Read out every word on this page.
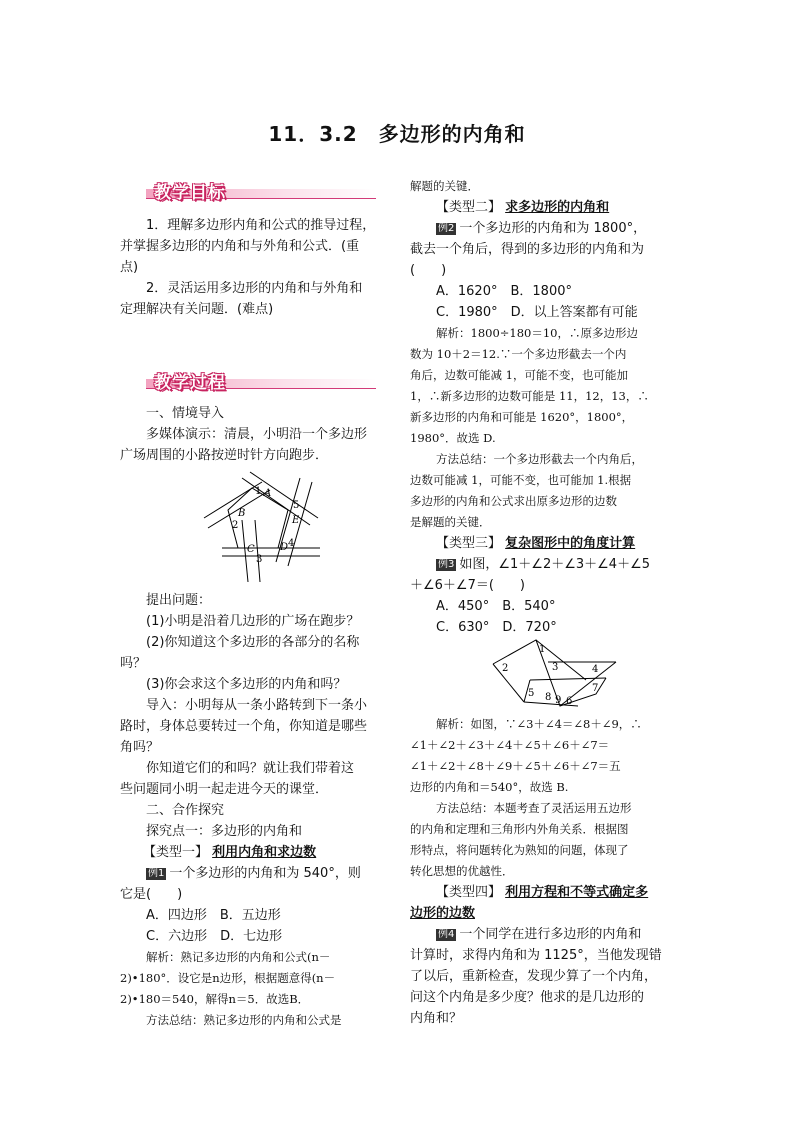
11．3.2　多边形的内角和
教学目标
1．理解多边形内角和公式的推导过程，
并掌握多边形的内角和与外角和公式．(重
点)
2．灵活运用多边形的内角和与外角和
定理解决有关问题．(难点)
教学过程
一、情境导入
多媒体演示：清晨，小明沿一个多边形
广场周围的小路按逆时针方向跑步．
1 A
5
B
E
2
C	D 4
3
提出问题：
(1)小明是沿着几边形的广场在跑步？
(2)你知道这个多边形的各部分的名称
吗？
(3)你会求这个多边形的内角和吗？
导入：小明每从一条小路转到下一条小
路时，身体总要转过一个角，你知道是哪些
角吗？
你知道它们的和吗？就让我们带着这
些问题同小明一起走进今天的课堂．
二、合作探究
探究点一：多边形的内角和
【类型一】 利用内角和求边数
例1 一个多边形的内角和为 540°，则
它是(　　)
A．四边形　B．五边形
C．六边形　D．七边形
解析：熟记多边形的内角和公式(n－
2)•180°．设它是n边形，根据题意得(n－
2)•180＝540，解得n＝5．故选B．
方法总结：熟记多边形的内角和公式是
解题的关键．
【类型二】 求多边形的内角和
例2 一个多边形的内角和为 1800°，
截去一个角后，得到的多边形的内角和为
(　　)
A．1620°　B．1800°
C．1980°　D．以上答案都有可能
解析：1800÷180＝10，∴原多边形边
数为 10＋2＝12.∵一个多边形截去一个内
角后，边数可能减 1，可能不变，也可能加
1，∴新多边形的边数可能是 11，12，13，∴
新多边形的内角和可能是 1620°，1800°，
1980°．故选 D.
方法总结：一个多边形截去一个内角后，
边数可能减 1，可能不变，也可能加 1.根据
多边形的内角和公式求出原多边形的边数
是解题的关键．
【类型三】 复杂图形中的角度计算
例3 如图，∠1＋∠2＋∠3＋∠4＋∠5
＋∠6＋∠7＝(　　)
A．450°　B．540°
C．630°　D．720°
1
2	3	4
5
6
7
8 9
解析：如图，∵∠3＋∠4＝∠8＋∠9，∴
∠1＋∠2＋∠3＋∠4＋∠5＋∠6＋∠7＝
∠1＋∠2＋∠8＋∠9＋∠5＋∠6＋∠7＝五
边形的内角和＝540°，故选 B.
方法总结：本题考查了灵活运用五边形
的内角和定理和三角形内外角关系．根据图
形特点，将问题转化为熟知的问题，体现了
转化思想的优越性．
【类型四】 利用方程和不等式确定多
边形的边数
例4 一个同学在进行多边形的内角和
计算时，求得内角和为 1125°，当他发现错
了以后，重新检查，发现少算了一个内角，
问这个内角是多少度？他求的是几边形的
内角和？
